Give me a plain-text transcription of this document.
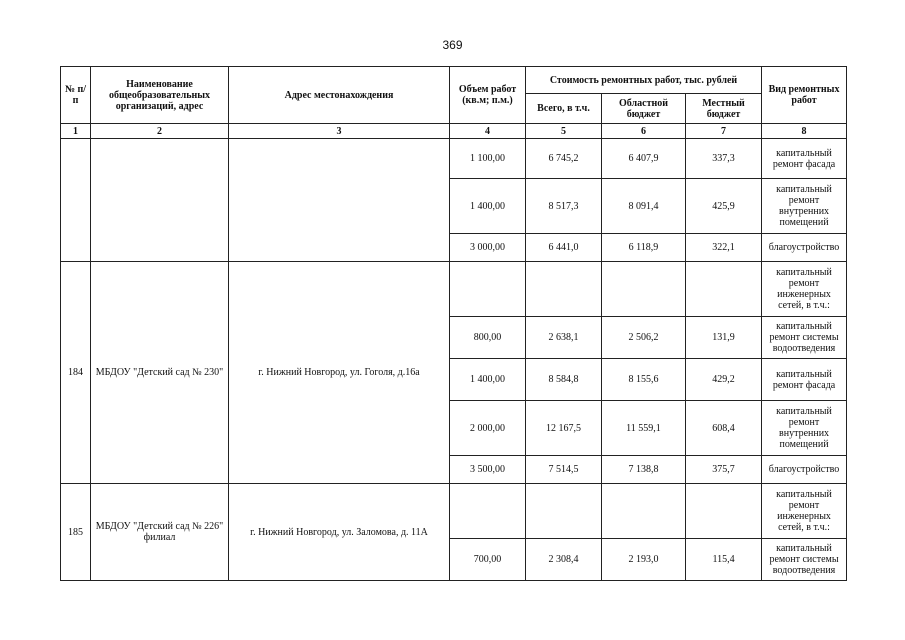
369
№ п/п	Наименование общеобразовательных организаций, адрес	Адрес местонахождения	Объем работ (кв.м; п.м.)	Стоимость ремонтных работ, тыс. рублей			Вид ремонтных работ
				Всего, в т.ч.	Областной бюджет	Местный бюджет	
1	2	3	4	5	6	7	8
			1 100,00	6 745,2	6 407,9	337,3	капитальный ремонт фасада
			1 400,00	8 517,3	8 091,4	425,9	капитальный ремонт внутренних помещений
			3 000,00	6 441,0	6 118,9	322,1	благоустройство
184	МБДОУ "Детский сад № 230"	г. Нижний Новгород, ул. Гоголя, д.16а					капитальный ремонт инженерных сетей, в т.ч.:
			800,00	2 638,1	2 506,2	131,9	капитальный ремонт системы водоотведения
			1 400,00	8 584,8	8 155,6	429,2	капитальный ремонт фасада
			2 000,00	12 167,5	11 559,1	608,4	капитальный ремонт внутренних помещений
			3 500,00	7 514,5	7 138,8	375,7	благоустройство
185	МБДОУ "Детский сад № 226" филиал	г. Нижний Новгород, ул. Заломова, д. 11А					капитальный ремонт инженерных сетей, в т.ч.:
			700,00	2 308,4	2 193,0	115,4	капитальный ремонт системы водоотведения
